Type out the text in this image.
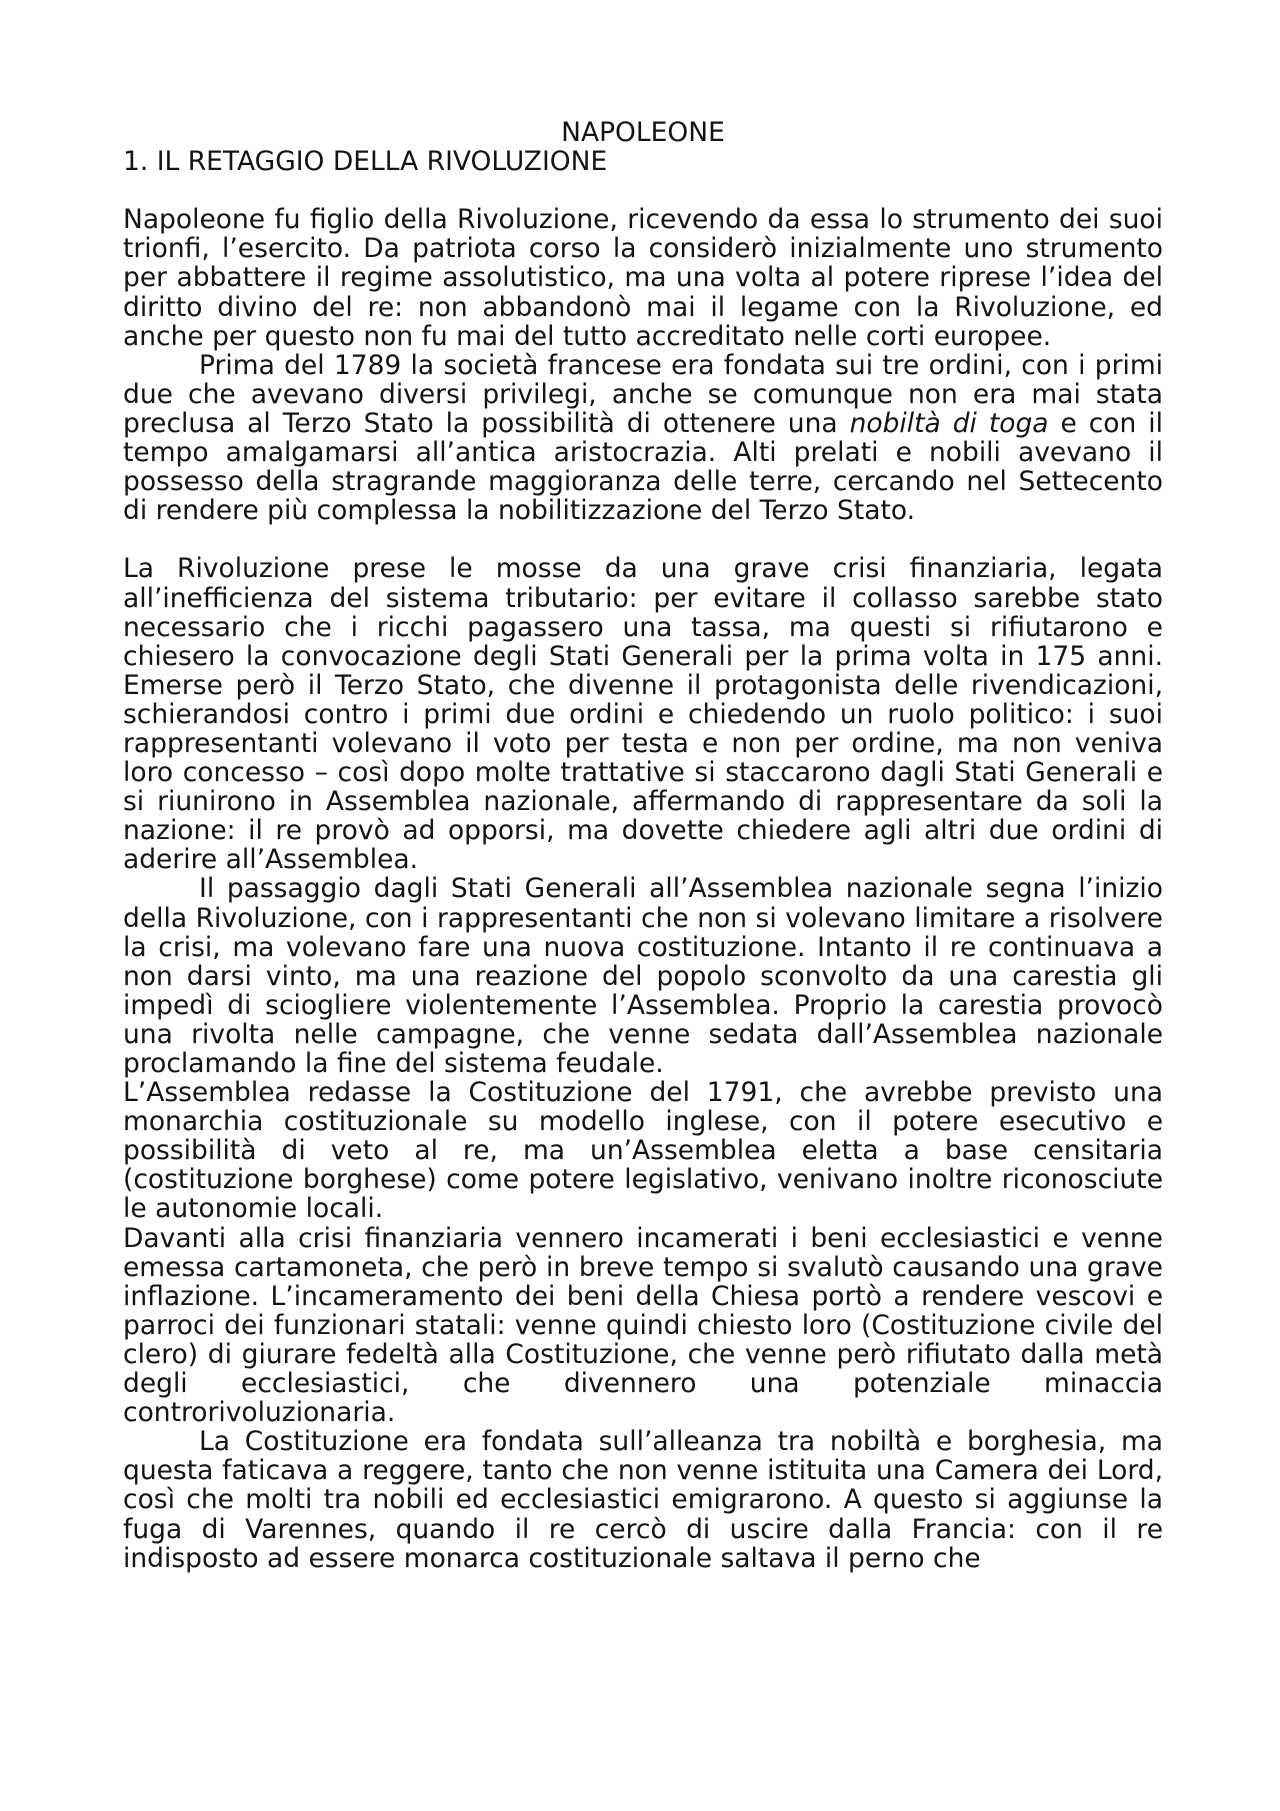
NAPOLEONE

1. IL RETAGGIO DELLA RIVOLUZIONE

Napoleone fu figlio della Rivoluzione, ricevendo da essa lo strumento dei suoi trionfi, l’esercito. Da patriota corso la considerò inizialmente uno strumento per abbattere il regime assolutistico, ma una volta al potere riprese l’idea del diritto divino del re: non abbandonò mai il legame con la Rivoluzione, ed anche per questo non fu mai del tutto accreditato nelle corti europee.

Prima del 1789 la società francese era fondata sui tre ordini, con i primi due che avevano diversi privilegi, anche se comunque non era mai stata preclusa al Terzo Stato la possibilità di ottenere una nobiltà di toga e con il tempo amalgamarsi all’antica aristocrazia. Alti prelati e nobili avevano il possesso della stragrande maggioranza delle terre, cercando nel Settecento di rendere più complessa la nobilitizzazione del Terzo Stato.

La Rivoluzione prese le mosse da una grave crisi finanziaria, legata all’inefficienza del sistema tributario: per evitare il collasso sarebbe stato necessario che i ricchi pagassero una tassa, ma questi si rifiutarono e chiesero la convocazione degli Stati Generali per la prima volta in 175 anni. Emerse però il Terzo Stato, che divenne il protagonista delle rivendicazioni, schierandosi contro i primi due ordini e chiedendo un ruolo politico: i suoi rappresentanti volevano il voto per testa e non per ordine, ma non veniva loro concesso – così dopo molte trattative si staccarono dagli Stati Generali e si riunirono in Assemblea nazionale, affermando di rappresentare da soli la nazione: il re provò ad opporsi, ma dovette chiedere agli altri due ordini di aderire all’Assemblea.

Il passaggio dagli Stati Generali all’Assemblea nazionale segna l’inizio della Rivoluzione, con i rappresentanti che non si volevano limitare a risolvere la crisi, ma volevano fare una nuova costituzione. Intanto il re continuava a non darsi vinto, ma una reazione del popolo sconvolto da una carestia gli impedì di sciogliere violentemente l’Assemblea. Proprio la carestia provocò una rivolta nelle campagne, che venne sedata dall’Assemblea nazionale proclamando la fine del sistema feudale.

L’Assemblea redasse la Costituzione del 1791, che avrebbe previsto una monarchia costituzionale su modello inglese, con il potere esecutivo e possibilità di veto al re, ma un’Assemblea eletta a base censitaria (costituzione borghese) come potere legislativo, venivano inoltre riconosciute le autonomie locali.

Davanti alla crisi finanziaria vennero incamerati i beni ecclesiastici e venne emessa cartamoneta, che però in breve tempo si svalutò causando una grave inflazione. L’incameramento dei beni della Chiesa portò a rendere vescovi e parroci dei funzionari statali: venne quindi chiesto loro (Costituzione civile del clero) di giurare fedeltà alla Costituzione, che venne però rifiutato dalla metà degli ecclesiastici, che divennero una potenziale minaccia controrivoluzionaria.

La Costituzione era fondata sull’alleanza tra nobiltà e borghesia, ma questa faticava a reggere, tanto che non venne istituita una Camera dei Lord, così che molti tra nobili ed ecclesiastici emigrarono. A questo si aggiunse la fuga di Varennes, quando il re cercò di uscire dalla Francia: con il re indisposto ad essere monarca costituzionale saltava il perno che
